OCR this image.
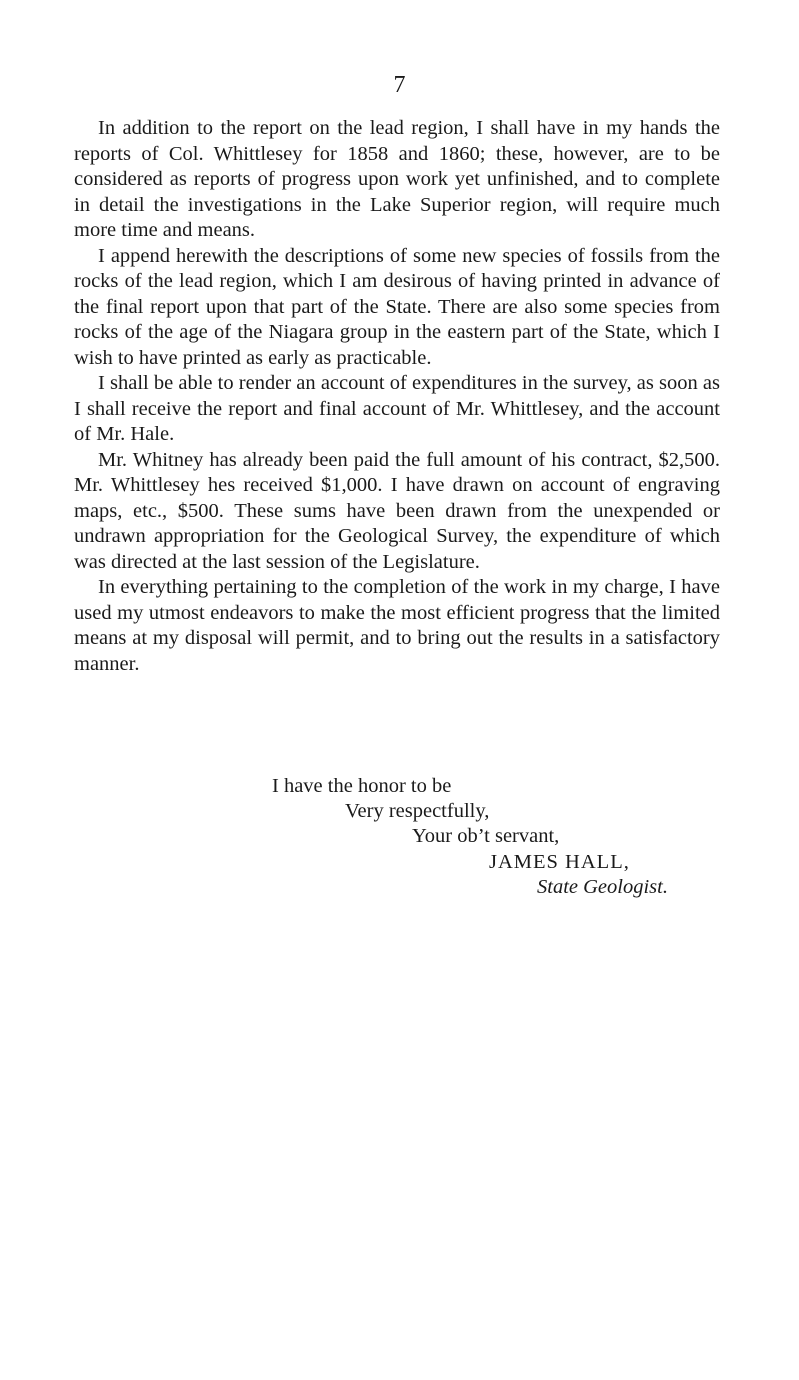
7

In addition to the report on the lead region, I shall have in my hands the reports of Col. Whittlesey for 1858 and 1860; these, however, are to be considered as reports of progress upon work yet unfinished, and to complete in detail the investigations in the Lake Superior region, will require much more time and means.

I append herewith the descriptions of some new species of fossils from the rocks of the lead region, which I am desirous of having printed in advance of the final report upon that part of the State. There are also some species from rocks of the age of the Niagara group in the eastern part of the State, which I wish to have printed as early as practicable.

I shall be able to render an account of expenditures in the survey, as soon as I shall receive the report and final account of Mr. Whittlesey, and the account of Mr. Hale.

Mr. Whitney has already been paid the full amount of his contract, $2,500. Mr. Whittlesey hes received $1,000. I have drawn on account of engraving maps, etc., $500. These sums have been drawn from the unexpended or undrawn appropriation for the Geological Survey, the expenditure of which was directed at the last session of the Legislature.

In everything pertaining to the completion of the work in my charge, I have used my utmost endeavors to make the most efficient progress that the limited means at my disposal will permit, and to bring out the results in a satisfactory manner.

I have the honor to be
Very respectfully,
Your ob’t servant,
JAMES HALL,
State Geologist.
